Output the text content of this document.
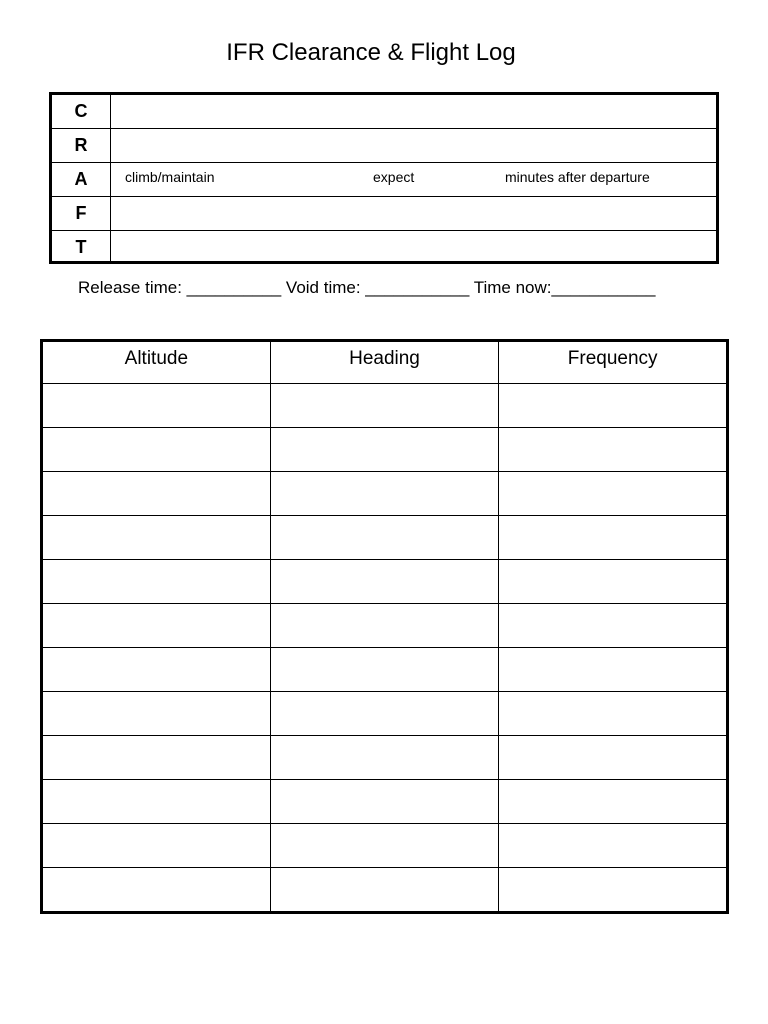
IFR Clearance & Flight Log
C
R
A	climb/maintain	expect	minutes after departure
F
T
Release time: __________ Void time: ___________ Time now:___________
Altitude	Heading	Frequency
